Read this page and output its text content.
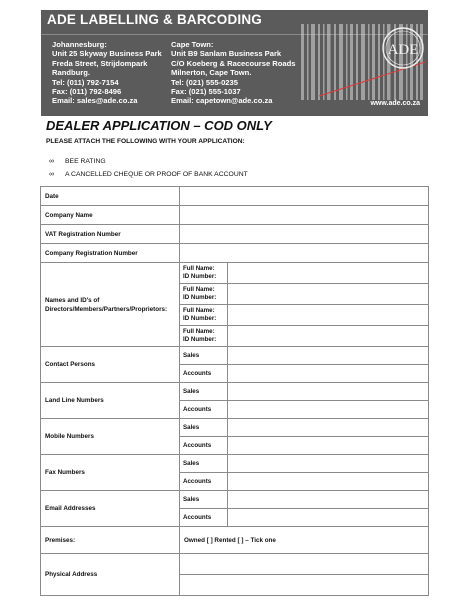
ADE LABELLING & BARCODING
Johannesburg:
Unit 25 Skyway Business Park
Freda Street, Strijdompark
Randburg.
Tel: (011) 792-7154
Fax: (011) 792-8496
Email: sales@ade.co.za
Cape Town:
Unit B9 Sanlam Business Park
C/O Koeberg & Racecourse Roads
Milnerton, Cape Town.
Tel: (021) 555-0235
Fax: (021) 555-1037
Email: capetown@ade.co.za
ADE
www.ade.co.za
DEALER APPLICATION – COD ONLY
PLEASE ATTACH THE FOLLOWING WITH YOUR APPLICATION:
∞	BEE RATING
∞	A CANCELLED CHEQUE OR PROOF OF BANK ACCOUNT
Date		
Company Name		
VAT Registration Number		
Company Registration Number		
Names and ID's of Directors/Members/Partners/Proprietors:	Full Name:
ID Number:	

	Full Name:
ID Number:	

	Full Name:
ID Number:	

	Full Name:
ID Number:	

Contact Persons	Sales	
	Accounts	
Land Line Numbers	Sales	
	Accounts	
Mobile Numbers	Sales	
	Accounts	
Fax Numbers	Sales	
	Accounts	
Email Addresses	Sales	
	Accounts	
Premises:	Owned [ ] Rented [ ] – Tick one	
Physical Address		
